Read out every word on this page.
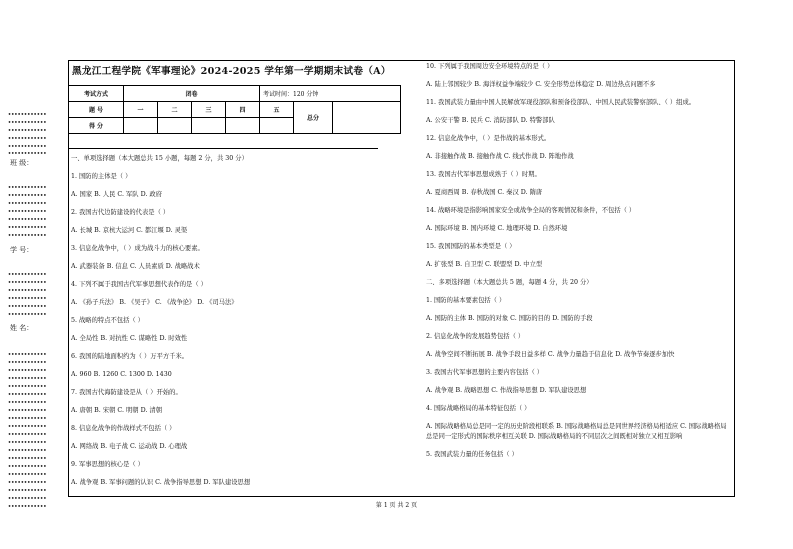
••••••••••••
••••••••••••
••••••••••••
••••••••••••
••••••••••••
••••••••••••
班 级：
••••••••••••
••••••••••••
••••••••••••
••••••••••••
••••••••••••
••••••••••••
••••••••••••
学 号：
••••••••••••
••••••••••••
••••••••••••
••••••••••••
••••••••••••
••••••••••••
姓 名：
••••••••••••
••••••••••••
••••••••••••
••••••••••••
••••••••••••
••••••••••••
••••••••••••
••••••••••••
••••••••••••
••••••••••••
••••••••••••
••••••••••••
••••••••••••
••••••••••••
••••••••••••
••••••••••••
••••••••••••
••••••••••••
••••••••••••
••••••••••••
黑龙江工程学院《军事理论》2024-2025 学年第一学期期末试卷（A）
考试方式	闭卷				考试时间：120 分钟		
题 号	一	二	三	四	五	总分	
得 分							
一、单项选择题（本大题总共 15 小题，每题 2 分，共 30 分）
1. 国防的主体是（ ）
A. 国家 B. 人民 C. 军队 D. 政府
2. 我国古代边防建设的代表是（ ）
A. 长城 B. 京杭大运河 C. 都江堰 D. 灵渠
3. 信息化战争中，（ ）成为战斗力的核心要素。
A. 武器装备 B. 信息 C. 人员素质 D. 战略战术
4. 下列不属于我国古代军事思想代表作的是（ ）
A. 《孙子兵法》 B. 《吴子》 C. 《战争论》 D. 《司马法》
5. 战略的特点不包括（ ）
A. 全局性 B. 对抗性 C. 谋略性 D. 时效性
6. 我国的陆地面积约为（ ）万平方千米。
A. 960 B. 1260 C. 1300 D. 1430
7. 我国古代海防建设是从（ ）开始的。
A. 唐朝 B. 宋朝 C. 明朝 D. 清朝
8. 信息化战争的作战样式不包括（ ）
A. 网络战 B. 电子战 C. 运动战 D. 心理战
9. 军事思想的核心是（ ）
A. 战争观 B. 军事问题的认识 C. 战争指导思想 D. 军队建设思想
10. 下列属于我国周边安全环境特点的是（ ）
A. 陆上邻国较少 B. 海洋权益争端较少 C. 安全形势总体稳定 D. 周边热点问题不多
11. 我国武装力量由中国人民解放军现役部队和预备役部队、中国人民武装警察部队、（ ）组成。
A. 公安干警 B. 民兵 C. 消防部队 D. 特警部队
12. 信息化战争中，（ ）是作战的基本形式。
A. 非接触作战 B. 接触作战 C. 线式作战 D. 阵地作战
13. 我国古代军事思想成熟于（ ）时期。
A. 夏商西周 B. 春秋战国 C. 秦汉 D. 隋唐
14. 战略环境是指影响国家安全或战争全局的客观情况和条件，不包括（ ）
A. 国际环境 B. 国内环境 C. 地理环境 D. 自然环境
15. 我国国防的基本类型是（ ）
A. 扩张型 B. 自卫型 C. 联盟型 D. 中立型
二、多项选择题（本大题总共 5 题，每题 4 分，共 20 分）
1. 国防的基本要素包括（ ）
A. 国防的主体 B. 国防的对象 C. 国防的目的 D. 国防的手段
2. 信息化战争的发展趋势包括（ ）
A. 战争空间不断拓展 B. 战争手段日益多样 C. 战争力量趋于信息化 D. 战争节奏逐步加快
3. 我国古代军事思想的主要内容包括（ ）
A. 战争观 B. 战略思想 C. 作战指导思想 D. 军队建设思想
4. 国际战略格局的基本特征包括（ ）
A. 国际战略格局总是同一定的历史阶段相联系 B. 国际战略格局总是同世界经济格局相适应 C. 国际战略格局总是同一定形式的国际秩序相互关联 D. 国际战略格局的不同层次之间既相对独立又相互影响
5. 我国武装力量的任务包括（ ）
第 1 页 共 2 页
